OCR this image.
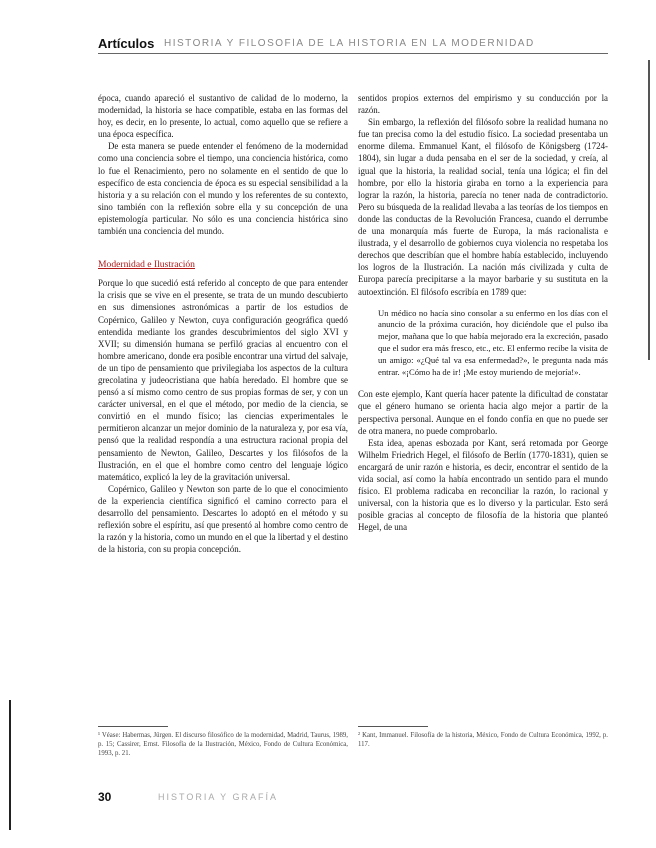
Artículos HISTORIA Y FILOSOFÍA DE LA HISTORIA EN LA MODERNIDAD

época, cuando apareció el sustantivo de calidad de lo moderno, la modernidad, la historia se hace compatible, estaba en las formas del hoy, es decir, en lo presente, lo actual, como aquello que se refiere a una época específica.

De esta manera se puede entender el fenómeno de la modernidad como una conciencia sobre el tiempo, una conciencia histórica, como lo fue el Renacimiento, pero no solamente en el sentido de que lo específico de esta conciencia de época es su especial sensibilidad a la historia y a su relación con el mundo y los referentes de su contexto, sino también con la reflexión sobre ella y su concepción de una epistemología particular. No sólo es una conciencia histórica sino también una conciencia del mundo.

Modernidad e Ilustración

Porque lo que sucedió está referido al concepto de que para entender la crisis que se vive en el presente, se trata de un mundo descubierto en sus dimensiones astronómicas a partir de los estudios de Copérnico, Galileo y Newton, cuya configuración geográfica quedó entendida mediante los grandes descubrimientos del siglo XVI y XVII; su dimensión humana se perfiló gracias al encuentro con el hombre americano, donde era posible encontrar una virtud del salvaje, de un tipo de pensamiento que privilegiaba los aspectos de la cultura grecolatina y judeocristiana que había heredado. El hombre que se pensó a sí mismo como centro de sus propias formas de ser, y con un carácter universal, en el que el método, por medio de la ciencia, se convirtió en el mundo físico; las ciencias experimentales le permitieron alcanzar un mejor dominio de la naturaleza y, por esa vía, pensó que la realidad respondía a una estructura racional propia del pensamiento de Newton, Galileo, Descartes y los filósofos de la Ilustración, en el que el hombre como centro del lenguaje lógico matemático, explicó la ley de la gravitación universal.

Copérnico, Galileo y Newton son parte de lo que el conocimiento de la experiencia científica significó el camino correcto para el desarrollo del pensamiento. Descartes lo adoptó en el método y su reflexión sobre el espíritu, así que presentó al hombre como centro de la razón y la historia, como un mundo en el que la libertad y el destino de la historia, con su propia concepción.

sentidos propios externos del empirismo y su conducción por la razón.

Sin embargo, la reflexión del filósofo sobre la realidad humana no fue tan precisa como la del estudio físico. La sociedad presentaba un enorme dilema. Emmanuel Kant, el filósofo de Königsberg (1724-1804), sin lugar a duda pensaba en el ser de la sociedad, y creía, al igual que la historia, la realidad social, tenía una lógica; el fin del hombre, por ello la historia giraba en torno a la experiencia para lograr la razón, la historia, parecía no tener nada de contradictorio. Pero su búsqueda de la realidad llevaba a las teorías de los tiempos en donde las conductas de la Revolución Francesa, cuando el derrumbe de una monarquía más fuerte de Europa, la más racionalista e ilustrada, y el desarrollo de gobiernos cuya violencia no respetaba los derechos que describían que el hombre había establecido, incluyendo los logros de la Ilustración. La nación más civilizada y culta de Europa parecía precipitarse a la mayor barbarie y su sustituta en la autoextinción. El filósofo escribía en 1789 que:

Un médico no hacía sino consolar a su enfermo en los días con el anuncio de la próxima curación, hoy diciéndole que el pulso iba mejor, mañana que lo que había mejorado era la excreción, pasado que el sudor era más fresco, etc., etc. El enfermo recibe la visita de un amigo: «¿Qué tal va esa enfermedad?», le pregunta nada más entrar. «¡Cómo ha de ir! ¡Me estoy muriendo de mejoría!».

Con este ejemplo, Kant quería hacer patente la dificultad de constatar que el género humano se orienta hacia algo mejor a partir de la perspectiva personal. Aunque en el fondo confía en que no puede ser de otra manera, no puede comprobarlo.

Esta idea, apenas esbozada por Kant, será retomada por George Wilhelm Friedrich Hegel, el filósofo de Berlín (1770-1831), quien se encargará de unir razón e historia, es decir, encontrar el sentido de la vida social, así como la había encontrado un sentido para el mundo físico. El problema radicaba en reconciliar la razón, lo racional y universal, con la historia que es lo diverso y la particular. Esto será posible gracias al concepto de filosofía de la historia que planteó Hegel, de una

¹ Véase: Habermas, Jürgen. El discurso filosófico de la modernidad, Madrid, Taurus, 1989, p. 15; Cassirer, Ernst. Filosofía de la Ilustración, México, Fondo de Cultura Económica, 1993, p. 21.
² Kant, Immanuel. Filosofía de la historia, México, Fondo de Cultura Económica, 1992, p. 117.
30	HISTORIA Y GRAFÍA
